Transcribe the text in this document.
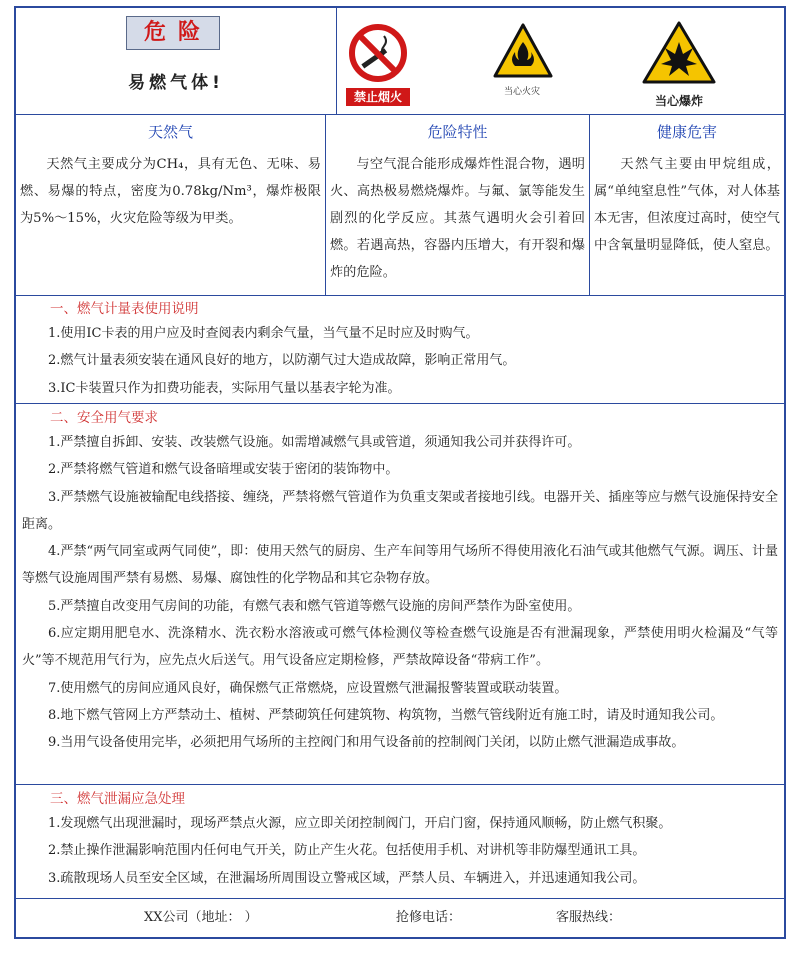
危险
易燃气体!
禁止烟火	当心火灾
当心爆炸
天然气

天然气主要成分为CH₄，具有无色、无味、易燃、易爆的特点，密度为0.78kg/Nm³，爆炸极限为5%～15%，火灾危险等级为甲类。

危险特性

与空气混合能形成爆炸性混合物，遇明火、高热极易燃烧爆炸。与氟、氯等能发生剧烈的化学反应。其蒸气遇明火会引着回燃。若遇高热，容器内压增大，有开裂和爆炸的危险。

健康危害

天然气主要由甲烷组成，属“单纯窒息性”气体，对人体基本无害，但浓度过高时，使空气中含氧量明显降低，使人窒息。

一、燃气计量表使用说明

1.使用IC卡表的用户应及时查阅表内剩余气量，当气量不足时应及时购气。

2.燃气计量表须安装在通风良好的地方，以防潮气过大造成故障，影响正常用气。

3.IC卡装置只作为扣费功能表，实际用气量以基表字轮为准。

二、安全用气要求

1.严禁擅自拆卸、安装、改装燃气设施。如需增减燃气具或管道，须通知我公司并获得许可。

2.严禁将燃气管道和燃气设备暗埋或安装于密闭的装饰物中。

3.严禁燃气设施被输配电线搭接、缠绕，严禁将燃气管道作为负重支架或者接地引线。电器开关、插座等应与燃气设施保持安全距离。

4.严禁“两气同室或两气同使”，即：使用天然气的厨房、生产车间等用气场所不得使用液化石油气或其他燃气气源。调压、计量等燃气设施周围严禁有易燃、易爆、腐蚀性的化学物品和其它杂物存放。

5.严禁擅自改变用气房间的功能，有燃气表和燃气管道等燃气设施的房间严禁作为卧室使用。

6.应定期用肥皂水、洗涤精水、洗衣粉水溶液或可燃气体检测仪等检查燃气设施是否有泄漏现象，严禁使用明火检漏及“气等火”等不规范用气行为，应先点火后送气。用气设备应定期检修，严禁故障设备“带病工作”。

7.使用燃气的房间应通风良好，确保燃气正常燃烧，应设置燃气泄漏报警装置或联动装置。

8.地下燃气管网上方严禁动土、植树、严禁砌筑任何建筑物、构筑物，当燃气管线附近有施工时，请及时通知我公司。

9.当用气设备使用完毕，必须把用气场所的主控阀门和用气设备前的控制阀门关闭，以防止燃气泄漏造成事故。

三、燃气泄漏应急处理

1.发现燃气出现泄漏时，现场严禁点火源，应立即关闭控制阀门，开启门窗，保持通风顺畅，防止燃气积聚。

2.禁止操作泄漏影响范围内任何电气开关，防止产生火花。包括使用手机、对讲机等非防爆型通讯工具。

3.疏散现场人员至安全区域，在泄漏场所周围设立警戒区域，严禁人员、车辆进入，并迅速通知我公司。

XX公司（地址： ）	抢修电话：	客服热线：
